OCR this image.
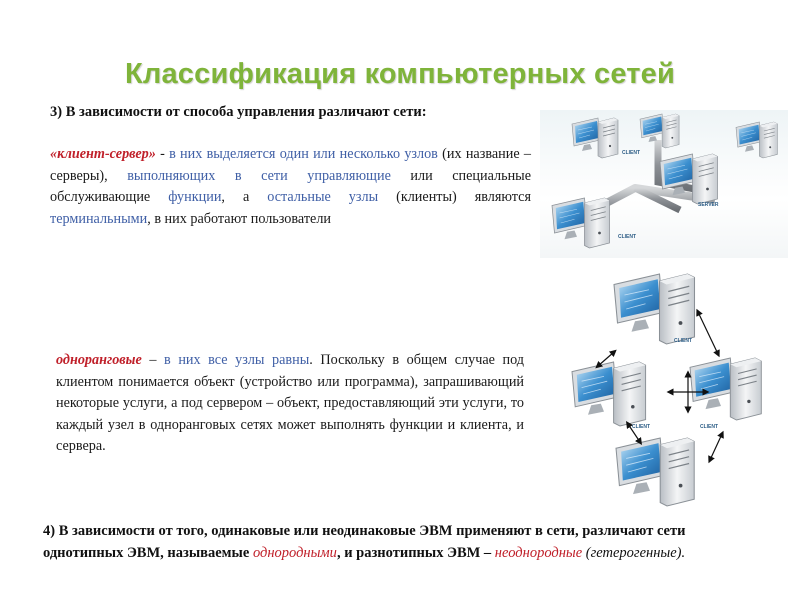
Классификация компьютерных сетей
3) В зависимости от способа управления различают сети:
«клиент-сервер» - в них выделяется один или несколько узлов (их название – серверы), выполняющих в сети управляющие или специальные обслуживающие функции, а остальные узлы (клиенты) являются терминальными, в них работают пользователи
одноранговые – в них все узлы равны. Поскольку в общем случае под клиентом понимается объект (устройство или программа), запрашивающий некоторые услуги, а под сервером – объект, предоставляющий эти услуги, то каждый узел в одноранговых сетях может выполнять функции и клиента, и сервера.
4) В зависимости от того, одинаковые или неодинаковые ЭВМ применяют в сети, различают сети однотипных ЭВМ, называемые однородными, и разнотипных ЭВМ – неоднородные (гетерогенные).
CLIENT
SERVER
CLIENT
CLIENT
CLIENT	CLIENT
